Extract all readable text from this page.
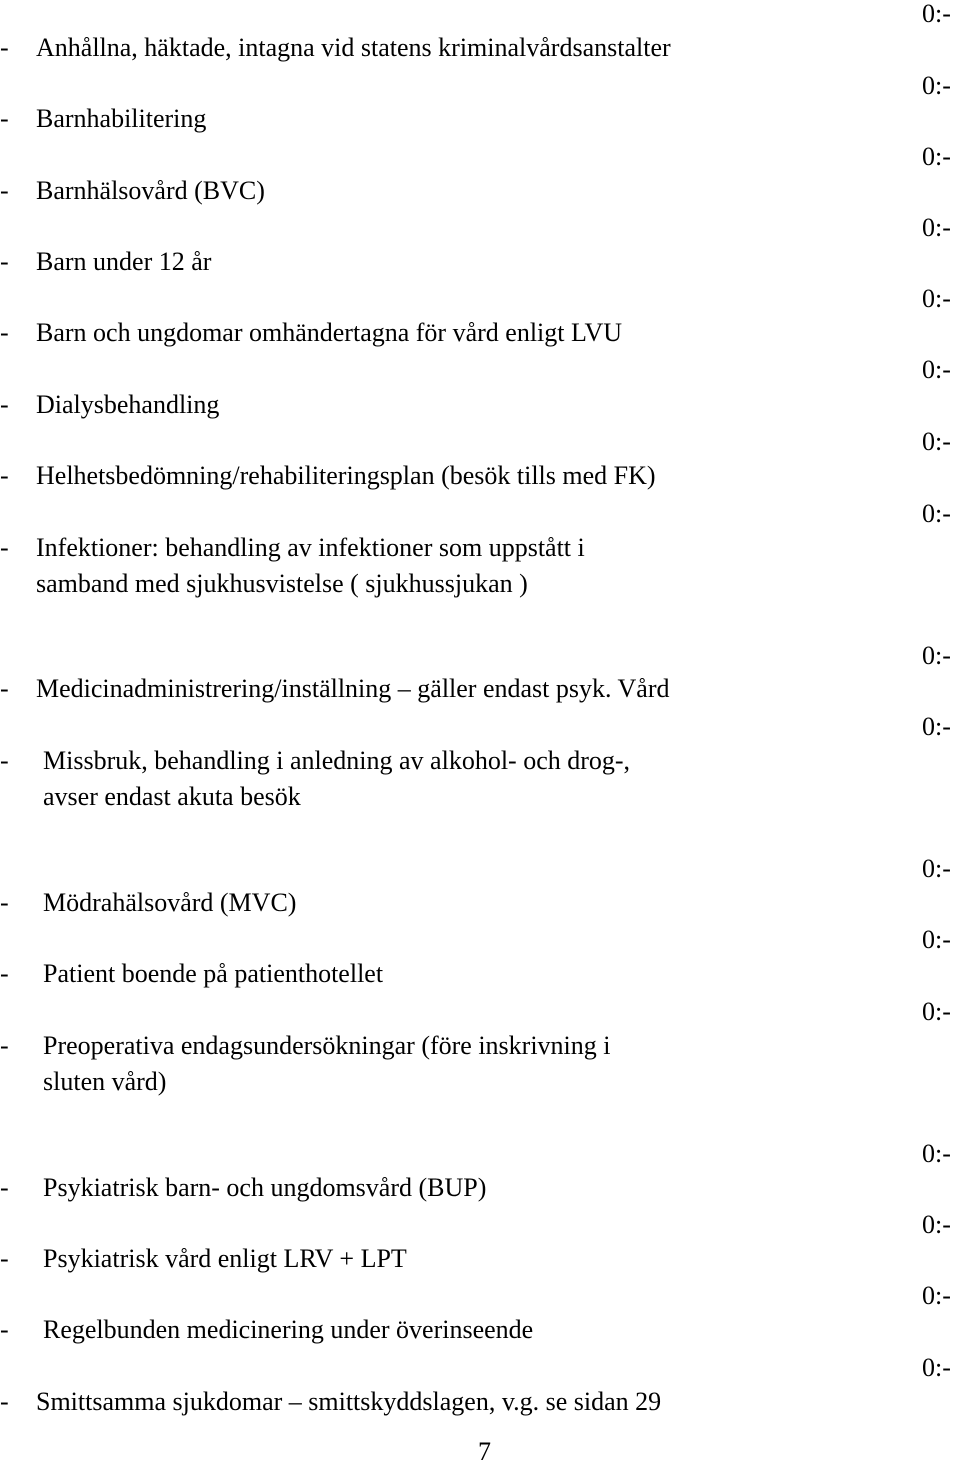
- Anhållna, häktade, intagna vid statens kriminalvårdsanstalter
- Barnhabilitering
- Barnhälsovård (BVC)
- Barn under 12 år
- Barn och ungdomar omhändertagna för vård enligt LVU
- Dialysbehandling
- Helhetsbedömning/rehabiliteringsplan (besök tills med FK)
- Infektioner: behandling av infektioner som uppstått i
samband med sjukhusvistelse ( sjukhussjukan )
- Medicinadministrering/inställning – gäller endast psyk. Vård
- Missbruk, behandling i anledning av alkohol- och drog-,
avser endast akuta besök
- Mödrahälsovård (MVC)
- Patient boende på patienthotellet
- Preoperativa endagsundersökningar (före inskrivning i
sluten vård)
- Psykiatrisk barn- och ungdomsvård (BUP)
- Psykiatrisk vård enligt LRV + LPT
- Regelbunden medicinering under överinseende
- Smittsamma sjukdomar – smittskyddslagen, v.g. se sidan 29
0:-
0:-
0:-
0:-
0:-
0:-
0:-
0:-
0:-
0:-
0:-
0:-
0:-
0:-
0:-
0:-
0:-
7
